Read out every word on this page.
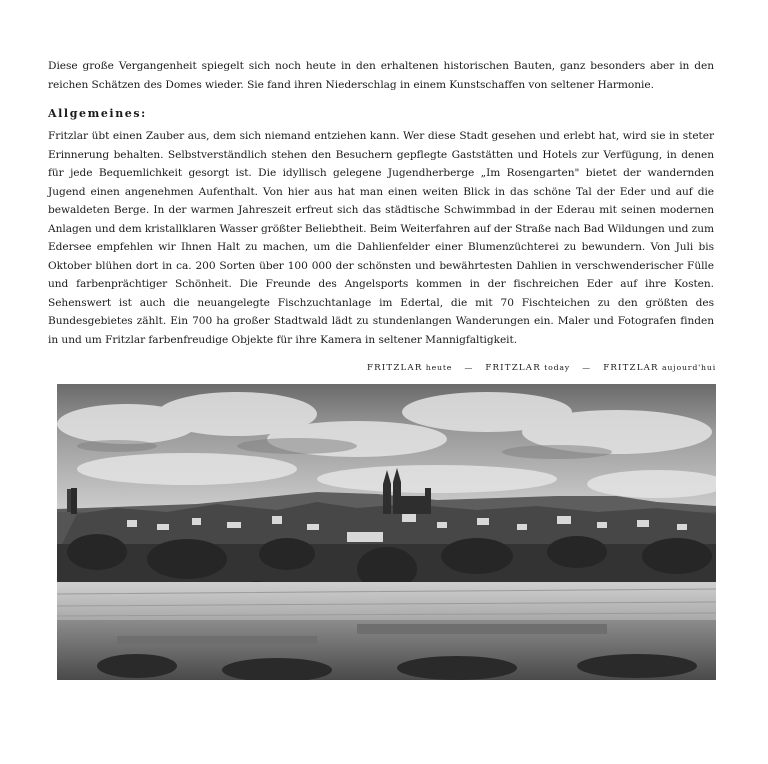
Diese große Vergangenheit spiegelt sich noch heute in den erhaltenen historischen Bauten, ganz besonders aber in den reichen Schätzen des Domes wieder. Sie fand ihren Niederschlag in einem Kunstschaffen von seltener Harmonie.
Allgemeines:
Fritzlar übt einen Zauber aus, dem sich niemand entziehen kann. Wer diese Stadt gesehen und erlebt hat, wird sie in steter Erinnerung behalten. Selbstverständlich stehen den Besuchern gepflegte Gaststätten und Hotels zur Verfügung, in denen für jede Bequemlichkeit gesorgt ist. Die idyllisch gelegene Jugendherberge „Im Rosengarten" bietet der wandernden Jugend einen angenehmen Aufenthalt. Von hier aus hat man einen weiten Blick in das schöne Tal der Eder und auf die bewaldeten Berge. In der warmen Jahreszeit erfreut sich das städtische Schwimmbad in der Ederau mit seinen modernen Anlagen und dem kristallklaren Wasser größter Beliebtheit. Beim Weiterfahren auf der Straße nach Bad Wildungen und zum Edersee empfehlen wir Ihnen Halt zu machen, um die Dahlienfelder einer Blumenzüchterei zu bewundern. Von Juli bis Oktober blühen dort in ca. 200 Sorten über 100 000 der schönsten und bewährtesten Dahlien in verschwenderischer Fülle und farbenprächtiger Schönheit. Die Freunde des Angelsports kommen in der fischreichen Eder auf ihre Kosten. Sehenswert ist auch die neuangelegte Fischzuchtanlage im Edertal, die mit 70 Fischteichen zu den größten des Bundesgebietes zählt. Ein 700 ha großer Stadtwald lädt zu stundenlangen Wanderungen ein. Maler und Fotografen finden in und um Fritzlar farbenfreudige Objekte für ihre Kamera in seltener Mannigfaltigkeit.
FRITZLAR heute — FRITZLAR today — FRITZLAR aujourd'hui
